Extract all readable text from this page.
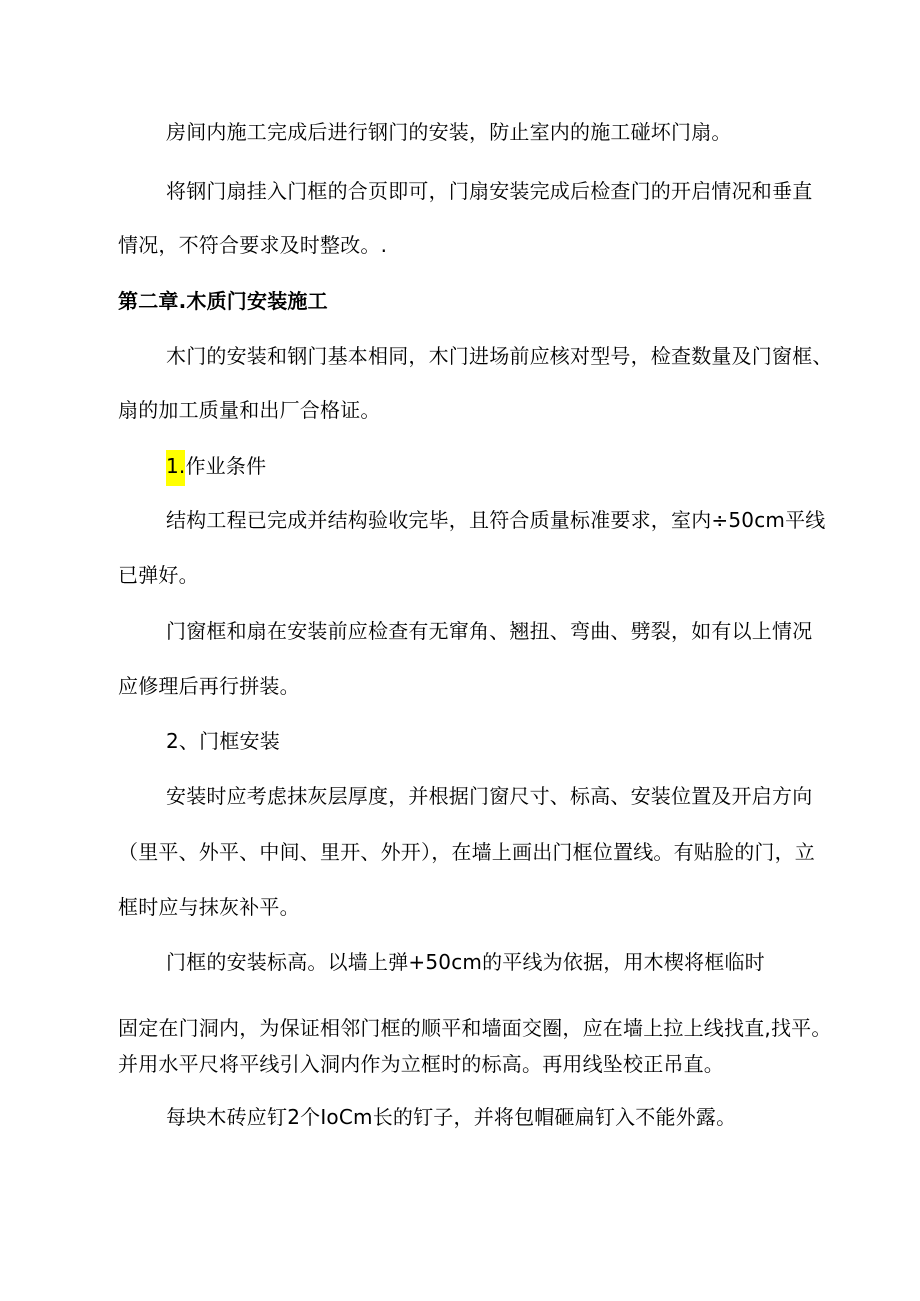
房间内施工完成后进行钢门的安装，防止室内的施工碰坏门扇。
将钢门扇挂入门框的合页即可，门扇安装完成后检查门的开启情况和垂直
情况，不符合要求及时整改。.
第二章.木质门安装施工
木门的安装和钢门基本相同，木门进场前应核对型号，检查数量及门窗框、
扇的加工质量和出厂合格证。
1.作业条件
结构工程已完成并结构验收完毕，且符合质量标准要求，室内÷50cm平线
已弹好。
门窗框和扇在安装前应检查有无窜角、翘扭、弯曲、劈裂，如有以上情况
应修理后再行拼装。
2、门框安装
安装时应考虑抹灰层厚度，并根据门窗尺寸、标高、安装位置及开启方向
（里平、外平、中间、里开、外开），在墙上画出门框位置线。有贴脸的门，立
框时应与抹灰补平。
门框的安装标高。以墙上弹+50cm的平线为依据，用木楔将框临时
固定在门洞内，为保证相邻门框的顺平和墙面交圈，应在墙上拉上线找直,找平。
并用水平尺将平线引入洞内作为立框时的标高。再用线坠校正吊直。
每块木砖应钉2个IoCm长的钉子，并将包帽砸扁钉入不能外露。
